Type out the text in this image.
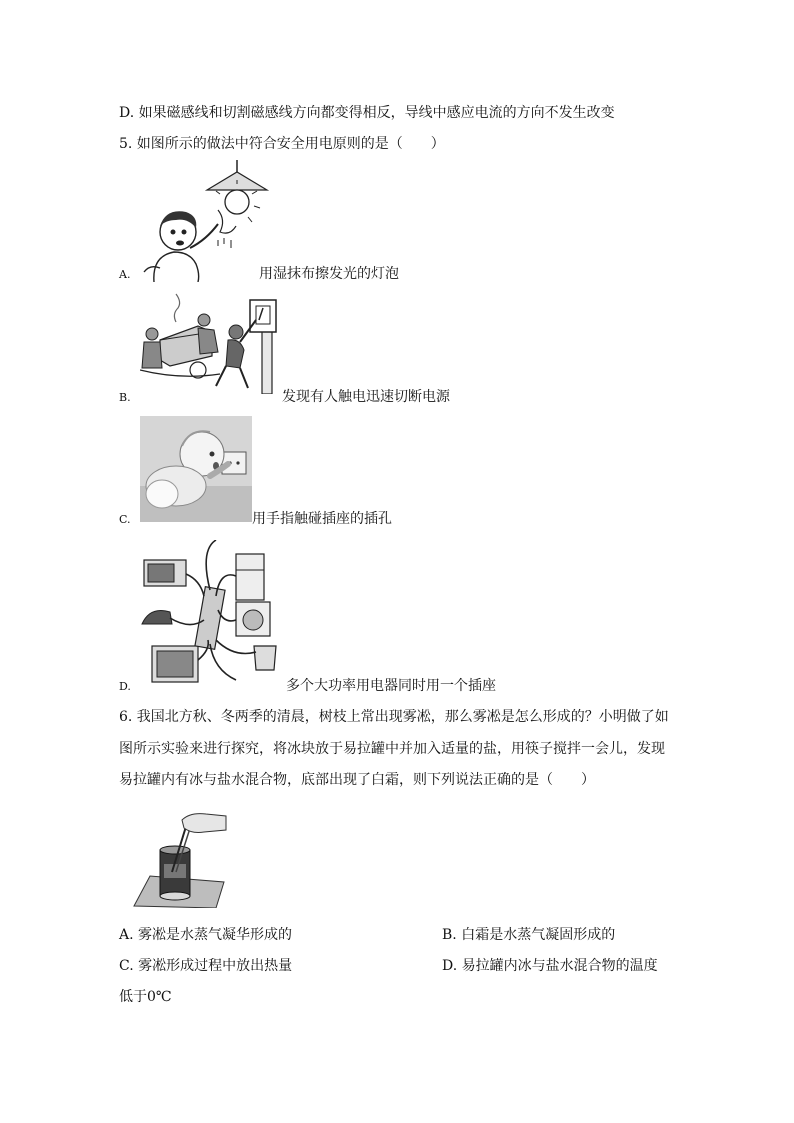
D. 如果磁感线和切割磁感线方向都变得相反，导线中感应电流的方向不发生改变
5. 如图所示的做法中符合安全用电原则的是（　　）
A.	用湿抹布擦发光的灯泡
B.	发现有人触电迅速切断电源
C.	用手指触碰插座的插孔
D.	多个大功率用电器同时用一个插座
6. 我国北方秋、冬两季的清晨，树枝上常出现雾凇，那么雾凇是怎么形成的？小明做了如
图所示实验来进行探究，将冰块放于易拉罐中并加入适量的盐，用筷子搅拌一会儿，发现
易拉罐内有冰与盐水混合物，底部出现了白霜，则下列说法正确的是（　　）
A. 雾凇是水蒸气凝华形成的	B. 白霜是水蒸气凝固形成的
C. 雾凇形成过程中放出热量	D. 易拉罐内冰与盐水混合物的温度
低于0℃
